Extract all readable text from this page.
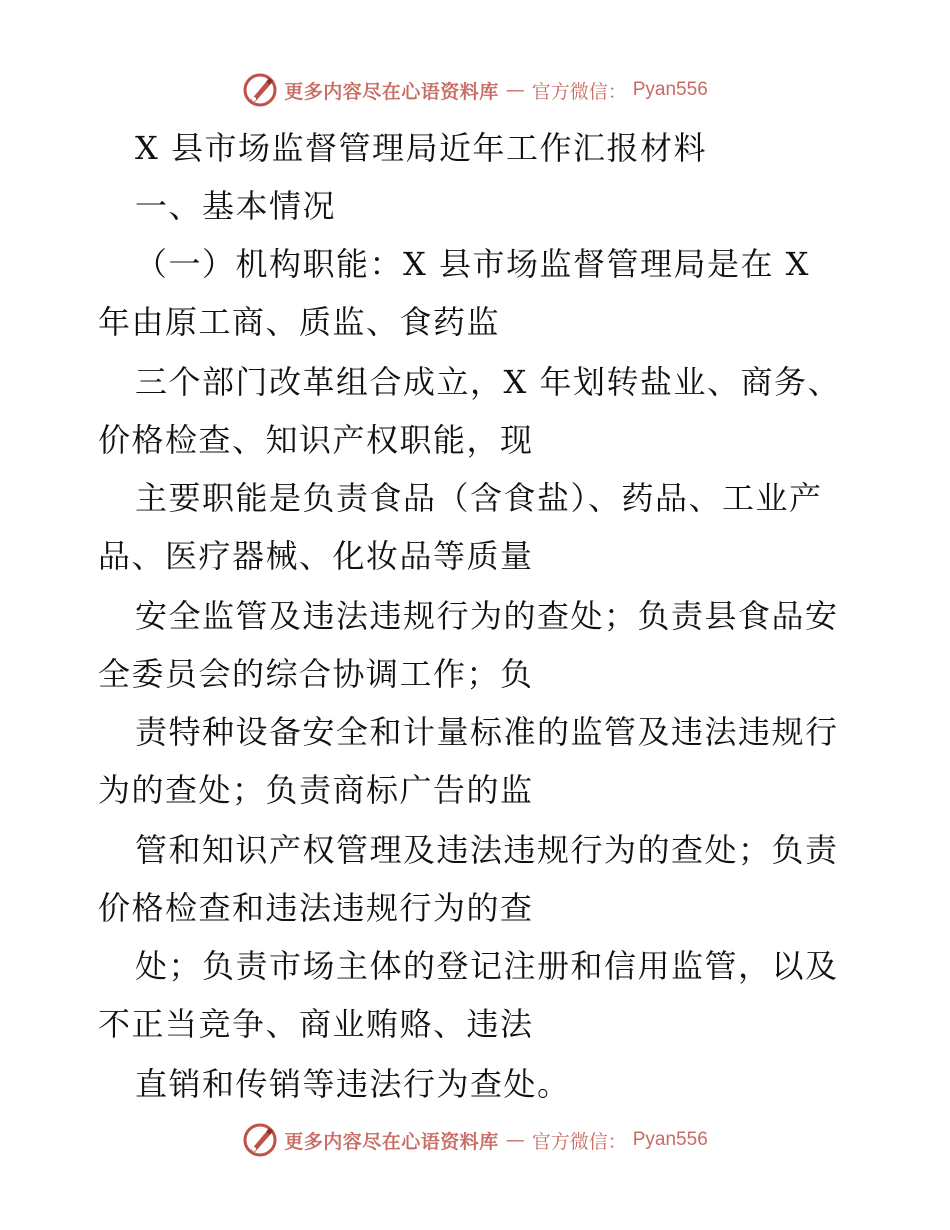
更多内容尽在心语资料库 — 官方微信： Pyan556
X 县市场监督管理局近年工作汇报材料
一、基本情况
（一）机构职能：X 县市场监督管理局是在 X
年由原工商、质监、食药监
三个部门改革组合成立，X 年划转盐业、商务、
价格检查、知识产权职能，现
主要职能是负责食品（含食盐）、药品、工业产
品、医疗器械、化妆品等质量
安全监管及违法违规行为的查处；负责县食品安
全委员会的综合协调工作；负
责特种设备安全和计量标准的监管及违法违规行
为的查处；负责商标广告的监
管和知识产权管理及违法违规行为的查处；负责
价格检查和违法违规行为的查
处；负责市场主体的登记注册和信用监管，以及
不正当竞争、商业贿赂、违法
直销和传销等违法行为查处。
更多内容尽在心语资料库 — 官方微信： Pyan556
